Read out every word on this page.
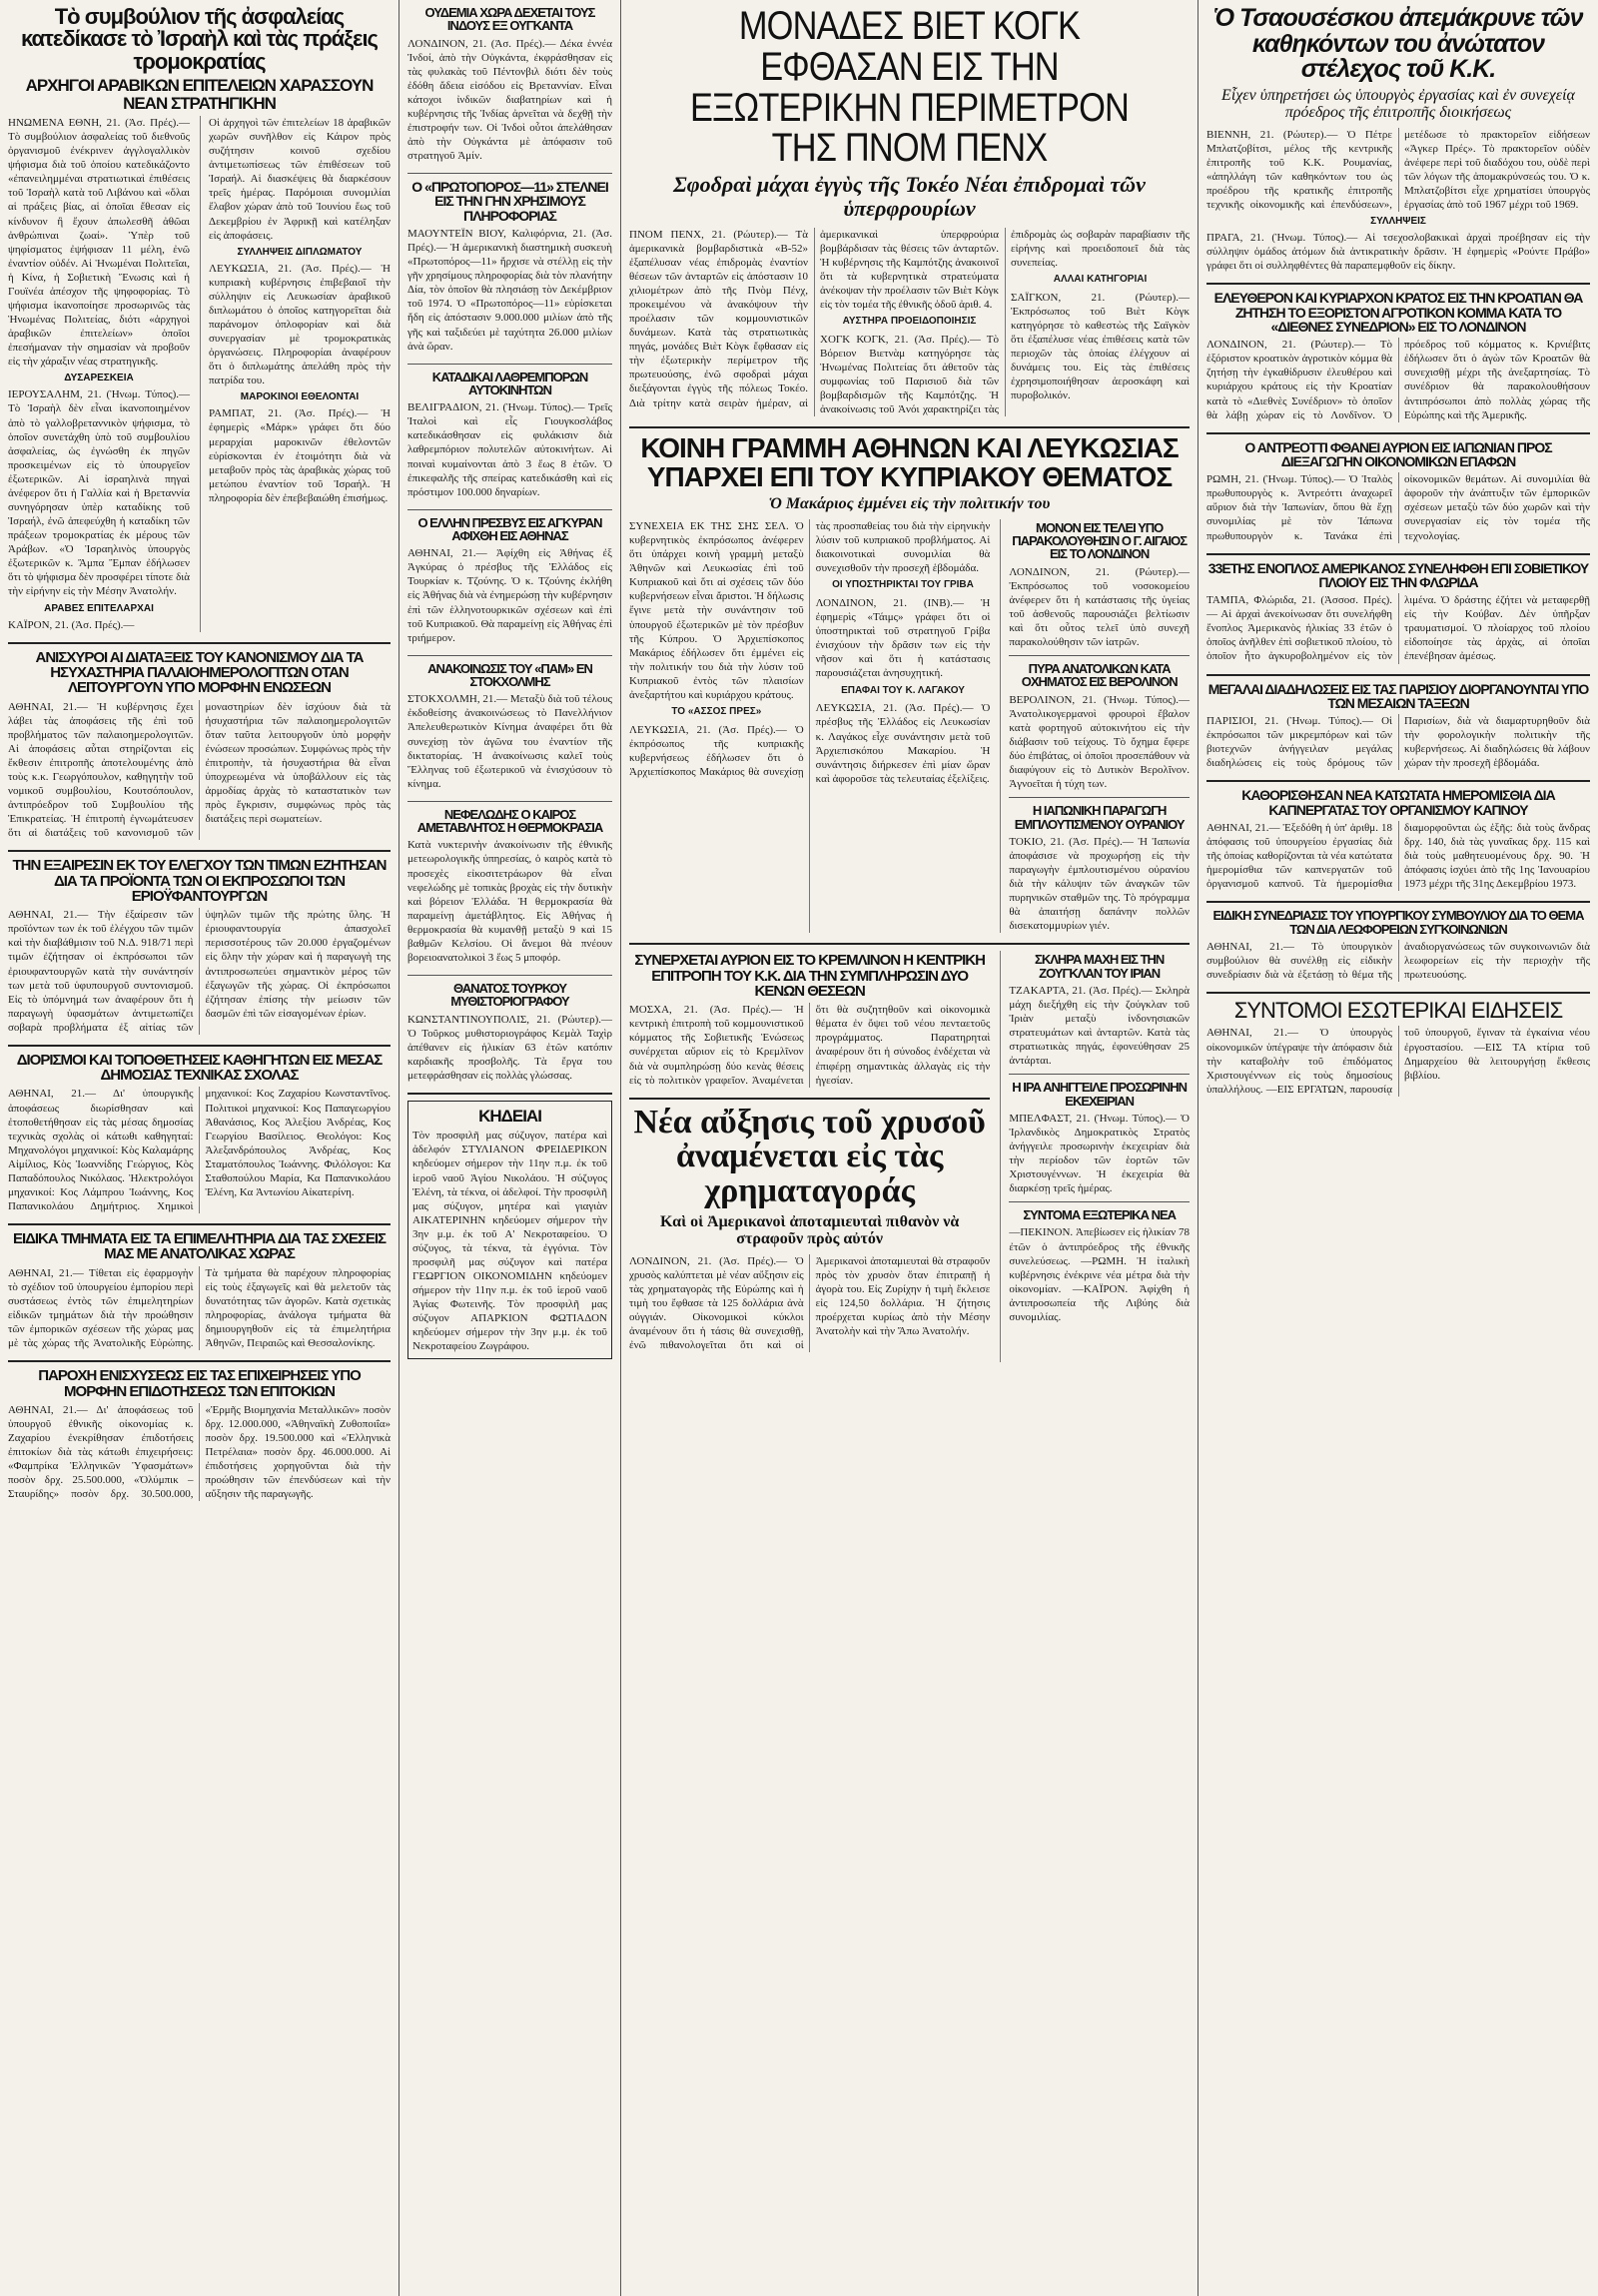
Τὸ συμβούλιον τῆς ἀσφαλείας κατεδίκασε τὸ Ἰσραὴλ καὶ τὰς πράξεις τρομοκρατίας
ΑΡΧΗΓΟΙ ΑΡΑΒΙΚΩΝ ΕΠΙΤΕΛΕΙΩΝ ΧΑΡΑΣΣΟΥΝ ΝΕΑΝ ΣΤΡΑΤΗΓΙΚΗΝ

ΗΝΩΜΕΝΑ ΕΘΝΗ, 21. (Ἀσ. Πρές).— Τὸ συμβούλιον ἀσφαλείας τοῦ διεθνοῦς ὀργανισμοῦ ἐνέκρινεν ἀγγλογαλλικὸν ψήφισμα διὰ τοῦ ὁποίου κατεδικάζοντο «ἐπανειλημμέναι στρατιωτικαὶ ἐπιθέσεις τοῦ Ἰσραὴλ κατὰ τοῦ Λιβάνου καὶ «ὅλαι αἱ πράξεις βίας, αἱ ὁποῖαι ἔθεσαν εἰς κίνδυνον ἢ ἔχουν ἀπωλεσθῆ ἀθῶαι ἀνθρώπιναι ζωαί». Ὑπὲρ τοῦ ψηφίσματος ἐψήφισαν 11 μέλη, ἐνῶ ἐναντίον οὐδέν. Αἱ Ἡνωμέναι Πολιτεῖαι, ἡ Κίνα, ἡ Σοβιετικὴ Ἕνωσις καὶ ἡ Γουϊνέα ἀπέσχον τῆς ψηφοφορίας. Τὸ ψήφισμα ἱκανοποίησε προσωρινῶς τὰς Ἡνωμένας Πολιτείας, διότι «ἀρχηγοὶ ἀραβικῶν ἐπιτελείων» ὁποῖοι ἐπεσήμαναν τὴν σημασίαν νὰ προβοῦν εἰς τὴν χάραξιν νέας στρατηγικῆς.

ΔΥΣΑΡΕΣΚΕΙΑ

ΙΕΡΟΥΣΑΛΗΜ, 21. (Ἡνωμ. Τύπος).— Τὸ Ἰσραὴλ δὲν εἶναι ἱκανοποιημένον ἀπὸ τὸ γαλλοβρεταννικὸν ψήφισμα, τὸ ὁποῖον συνετάχθη ὑπὸ τοῦ συμβουλίου ἀσφαλείας, ὡς ἐγνώσθη ἐκ πηγῶν προσκειμένων εἰς τὸ ὑπουργεῖον ἐξωτερικῶν. Αἱ ἰσραηλινὰ πηγαὶ ἀνέφερον ὅτι ἡ Γαλλία καὶ ἡ Βρεταννία συνηγόρησαν ὑπὲρ καταδίκης τοῦ Ἰσραήλ, ἐνῶ ἀπεφεύχθη ἡ καταδίκη τῶν πράξεων τρομοκρατίας ἐκ μέρους τῶν Ἀράβων. «Ὁ Ἰσραηλινὸς ὑπουργὸς ἐξωτερικῶν κ. Ἄμπα Ἔμπαν ἐδήλωσεν ὅτι τὸ ψήφισμα δὲν προσφέρει τίποτε διὰ τὴν εἰρήνην εἰς τὴν Μέσην Ἀνατολήν.

ΑΡΑΒΕΣ ΕΠΙΤΕΛΑΡΧΑΙ
ΚΑΪΡΟΝ, 21. (Ἀσ. Πρές).—

Οἱ ἀρχηγοὶ τῶν ἐπιτελείων 18 ἀραβικῶν χωρῶν συνῆλθον εἰς Κάιρον πρὸς συζήτησιν κοινοῦ σχεδίου ἀντιμετωπίσεως τῶν ἐπιθέσεων τοῦ Ἰσραήλ. Αἱ διασκέψεις θὰ διαρκέσουν τρεῖς ἡμέρας. Παρόμοιαι συνομιλίαι ἔλαβον χώραν ἀπὸ τοῦ Ἰουνίου ἕως τοῦ Δεκεμβρίου ἐν Ἀφρικῇ καὶ κατέληξαν εἰς ἀποφάσεις.

ΣΥΛΛΗΨΕΙΣ ΔΙΠΛΩΜΑΤΟΥ

ΛΕΥΚΩΣΙΑ, 21. (Ἀσ. Πρές).— Ἡ κυπριακὴ κυβέρνησις ἐπιβεβαιοῖ τὴν σύλληψιν εἰς Λευκωσίαν ἀραβικοῦ διπλωμάτου ὁ ὁποῖος κατηγορεῖται διὰ παράνομον ὁπλοφορίαν καὶ διὰ συνεργασίαν μὲ τρομοκρατικὰς ὀργανώσεις. Πληροφορίαι ἀναφέρουν ὅτι ὁ διπλωμάτης ἀπελάθη πρὸς τὴν πατρίδα του.

ΜΑΡΟΚΙΝΟΙ ΕΘΕΛΟΝΤΑΙ

ΡΑΜΠΑΤ, 21. (Ἀσ. Πρές).— Ἡ ἐφημερὶς «Μάρκ» γράφει ὅτι δύο μεραρχίαι μαροκινῶν ἐθελοντῶν εὑρίσκονται ἐν ἑτοιμότητι διὰ νὰ μεταβοῦν πρὸς τὰς ἀραβικὰς χώρας τοῦ μετώπου ἐναντίον τοῦ Ἰσραήλ. Ἡ πληροφορία δὲν ἐπεβεβαιώθη ἐπισήμως.

ΑΝΙΣΧΥΡΟΙ ΑΙ ΔΙΑΤΑΞΕΙΣ ΤΟΥ ΚΑΝΟΝΙΣΜΟΥ ΔΙΑ ΤΑ ΗΣΥΧΑΣΤΗΡΙΑ ΠΑΛΑΙΟΗΜΕΡΟΛΟΓΙΤΩΝ ΟΤΑΝ ΛΕΙΤΟΥΡΓΟΥΝ ΥΠΟ ΜΟΡΦΗΝ ΕΝΩΣΕΩΝ

ΑΘΗΝΑΙ, 21.— Ἡ κυβέρνησις ἔχει λάβει τὰς ἀποφάσεις τῆς ἐπὶ τοῦ προβλήματος τῶν παλαιοημερολογιτῶν. Αἱ ἀποφάσεις αὗται στηρίζονται εἰς ἔκθεσιν ἐπιτροπῆς ἀποτελουμένης ἀπὸ τοὺς κ.κ. Γεωργόπουλον, καθηγητὴν τοῦ νομικοῦ συμβουλίου, Κουτσόπουλον, ἀντιπρόεδρον τοῦ Συμβουλίου τῆς Ἐπικρατείας. Ἡ ἐπιτροπὴ ἐγνωμάτευσεν ὅτι αἱ διατάξεις τοῦ κανονισμοῦ τῶν μοναστηρίων δὲν ἰσχύουν διὰ τὰ ἡσυχαστήρια τῶν παλαιοημερολογιτῶν ὅταν ταῦτα λειτουργοῦν ὑπὸ μορφὴν ἐνώσεων προσώπων. Συμφώνως πρὸς τὴν ἐπιτροπὴν, τὰ ἡσυχαστήρια θὰ εἶναι ὑποχρεωμένα νὰ ὑποβάλλουν εἰς τὰς ἀρμοδίας ἀρχὰς τὸ καταστατικὸν των πρὸς ἔγκρισιν, συμφώνως πρὸς τὰς διατάξεις περὶ σωματείων.

ΤΗΝ ΕΞΑΙΡΕΣΙΝ ΕΚ ΤΟΥ ΕΛΕΓΧΟΥ ΤΩΝ ΤΙΜΩΝ ΕΖΗΤΗΣΑΝ ΔΙΑ ΤΑ ΠΡΟΪΟΝΤΑ ΤΩΝ ΟΙ ΕΚΠΡΟΣΩΠΟΙ ΤΩΝ ΕΡΙΟΫΦΑΝΤΟΥΡΓΩΝ

ΑΘΗΝΑΙ, 21.— Τὴν ἐξαίρεσιν τῶν προϊόντων των ἐκ τοῦ ἐλέγχου τῶν τιμῶν καὶ τὴν διαβάθμισιν τοῦ Ν.Δ. 918/71 περὶ τιμῶν ἐζήτησαν οἱ ἐκπρόσωποι τῶν ἐριουφαντουργῶν κατὰ τὴν συνάντησίν των μετὰ τοῦ ὑφυπουργοῦ συντονισμοῦ. Εἰς τὸ ὑπόμνημά των ἀναφέρουν ὅτι ἡ παραγωγὴ ὑφασμάτων ἀντιμετωπίζει σοβαρὰ προβλήματα ἐξ αἰτίας τῶν ὑψηλῶν τιμῶν τῆς πρώτης ὕλης. Ἡ ἐριουφαντουργία ἀπασχολεῖ περισσοτέρους τῶν 20.000 ἐργαζομένων εἰς ὅλην τὴν χώραν καὶ ἡ παραγωγὴ της ἀντιπροσωπεύει σημαντικὸν μέρος τῶν ἐξαγωγῶν τῆς χώρας. Οἱ ἐκπρόσωποι ἐζήτησαν ἐπίσης τὴν μείωσιν τῶν δασμῶν ἐπὶ τῶν εἰσαγομένων ἐρίων.

ΔΙΟΡΙΣΜΟΙ ΚΑΙ ΤΟΠΟΘΕΤΗΣΕΙΣ ΚΑΘΗΓΗΤΩΝ ΕΙΣ ΜΕΣΑΣ ΔΗΜΟΣΙΑΣ ΤΕΧΝΙΚΑΣ ΣΧΟΛΑΣ

ΑΘΗΝΑΙ, 21.— Δι' ὑπουργικῆς ἀποφάσεως διωρίσθησαν καὶ ἐτοποθετήθησαν εἰς τὰς μέσας δημοσίας τεχνικὰς σχολὰς οἱ κάτωθι καθηγηταί: Μηχανολόγοι μηχανικοί: Κὸς Καλαμάρης Αἰμίλιος, Κὸς Ἰωαννίδης Γεώργιος, Κὸς Παπαδόπουλος Νικόλαος. Ἠλεκτρολόγοι μηχανικοί: Κος Λάμπρου Ἰωάννης, Κος Παπανικολάου Δημήτριος. Χημικοὶ μηχανικοί: Κος Ζαχαρίου Κωνσταντῖνος. Πολιτικοὶ μηχανικοί: Κος Παπαγεωργίου Ἀθανάσιος, Κος Ἀλεξίου Ἀνδρέας, Κος Γεωργίου Βασίλειος. Θεολόγοι: Κος Ἀλεξανδρόπουλος Ἀνδρέας, Κος Σταματόπουλος Ἰωάννης. Φιλόλογοι: Κα Σταθοπούλου Μαρία, Κα Παπανικολάου Ἑλένη, Κα Ἀντωνίου Αἰκατερίνη.

ΕΙΔΙΚΑ ΤΜΗΜΑΤΑ ΕΙΣ ΤΑ ΕΠΙΜΕΛΗΤΗΡΙΑ ΔΙΑ ΤΑΣ ΣΧΕΣΕΙΣ ΜΑΣ ΜΕ ΑΝΑΤΟΛΙΚΑΣ ΧΩΡΑΣ

ΑΘΗΝΑΙ, 21.— Τίθεται εἰς ἐφαρμογὴν τὸ σχέδιον τοῦ ὑπουργείου ἐμπορίου περὶ συστάσεως ἐντὸς τῶν ἐπιμελητηρίων εἰδικῶν τμημάτων διὰ τὴν προώθησιν τῶν ἐμπορικῶν σχέσεων τῆς χώρας μας μὲ τὰς χώρας τῆς Ἀνατολικῆς Εὐρώπης. Τὰ τμήματα θὰ παρέχουν πληροφορίας εἰς τοὺς ἐξαγωγεῖς καὶ θὰ μελετοῦν τὰς δυνατότητας τῶν ἀγορῶν. Κατὰ σχετικὰς πληροφορίας, ἀνάλογα τμήματα θὰ δημιουργηθοῦν εἰς τὰ ἐπιμελητήρια Ἀθηνῶν, Πειραιῶς καὶ Θεσσαλονίκης.

ΠΑΡΟΧΗ ΕΝΙΣΧΥΣΕΩΣ ΕΙΣ ΤΑΣ ΕΠΙΧΕΙΡΗΣΕΙΣ ΥΠΟ ΜΟΡΦΗΝ ΕΠΙΔΟΤΗΣΕΩΣ ΤΩΝ ΕΠΙΤΟΚΙΩΝ

ΑΘΗΝΑΙ, 21.— Δι' ἀποφάσεως τοῦ ὑπουργοῦ ἐθνικῆς οἰκονομίας κ. Ζαχαρίου ἐνεκρίθησαν ἐπιδοτήσεις ἐπιτοκίων διὰ τὰς κάτωθι ἐπιχειρήσεις: «Φαμπρίκα Ἑλληνικῶν Ὑφασμάτων» ποσὸν δρχ. 25.500.000, «Ὀλύμπικ – Σταυρίδης» ποσὸν δρχ. 30.500.000, «Ἑρμῆς Βιομηχανία Μεταλλικῶν» ποσὸν δρχ. 12.000.000, «Ἀθηναϊκὴ Ζυθοποιΐα» ποσὸν δρχ. 19.500.000 καὶ «Ἐλληνικὰ Πετρέλαια» ποσὸν δρχ. 46.000.000. Αἱ ἐπιδοτήσεις χορηγοῦνται διὰ τὴν προώθησιν τῶν ἐπενδύσεων καὶ τὴν αὔξησιν τῆς παραγωγῆς.

ΟΥΔΕΜΙΑ ΧΩΡΑ ΔΕΧΕΤΑΙ ΤΟΥΣ ΙΝΔΟΥΣ ΕΞ ΟΥΓΚΑΝΤΑ

ΛΟΝΔΙΝΟΝ, 21. (Ἀσ. Πρές).— Δέκα ἐννέα Ἰνδοί, ἀπὸ τὴν Οὐγκάντα, ἐκφράσθησαν εἰς τὰς φυλακὰς τοῦ Πέντονβιλ διότι δὲν τοὺς ἐδόθη ἄδεια εἰσόδου εἰς Βρεταννίαν. Εἶναι κάτοχοι ἰνδικῶν διαβατηρίων καὶ ἡ κυβέρνησις τῆς Ἰνδίας ἀρνεῖται νὰ δεχθῇ τὴν ἐπιστροφήν των. Οἱ Ἰνδοὶ οὗτοι ἀπελάθησαν ἀπὸ τὴν Οὐγκάντα μὲ ἀπόφασιν τοῦ στρατηγοῦ Ἀμίν.

Ο «ΠΡΩΤΟΠΟΡΟΣ—11» ΣΤΕΛΝΕΙ ΕΙΣ ΤΗΝ ΓΗΝ ΧΡΗΣΙΜΟΥΣ ΠΛΗΡΟΦΟΡΙΑΣ

ΜΑΟΥΝΤΕΪΝ ΒΙΟΥ, Καλιφόρνια, 21. (Ἀσ. Πρές).— Ἡ ἀμερικανικὴ διαστημικὴ συσκευὴ «Πρωτοπόρος—11» ἤρχισε νὰ στέλλῃ εἰς τὴν γῆν χρησίμους πληροφορίας διὰ τὸν πλανήτην Δία, τὸν ὁποῖον θὰ πλησιάσῃ τὸν Δεκέμβριον τοῦ 1974. Ὁ «Πρωτοπόρος—11» εὑρίσκεται ἤδη εἰς ἀπόστασιν 9.000.000 μιλίων ἀπὸ τῆς γῆς καὶ ταξιδεύει μὲ ταχύτητα 26.000 μιλίων ἀνὰ ὥραν.

ΚΑΤΑΔΙΚΑΙ ΛΑΘΡΕΜΠΟΡΩΝ ΑΥΤΟΚΙΝΗΤΩΝ

ΒΕΛΙΓΡΑΔΙΟΝ, 21. (Ἡνωμ. Τύπος).— Τρεῖς Ἰταλοὶ καὶ εἷς Γιουγκοσλάβος κατεδικάσθησαν εἰς φυλάκισιν διὰ λαθρεμπόριον πολυτελῶν αὐτοκινήτων. Αἱ ποιναὶ κυμαίνονται ἀπὸ 3 ἕως 8 ἐτῶν. Ὁ ἐπικεφαλῆς τῆς σπείρας κατεδικάσθη καὶ εἰς πρόστιμον 100.000 δηναρίων.

Ο ΕΛΛΗΝ ΠΡΕΣΒΥΣ ΕΙΣ ΑΓΚΥΡΑΝ ΑΦΙΧΘΗ ΕΙΣ ΑΘΗΝΑΣ

ΑΘΗΝΑΙ, 21.— Ἀφίχθη εἰς Ἀθήνας ἐξ Ἀγκύρας ὁ πρέσβυς τῆς Ἑλλάδος εἰς Τουρκίαν κ. Τζούνης. Ὁ κ. Τζούνης ἐκλήθη εἰς Ἀθήνας διὰ νὰ ἐνημερώσῃ τὴν κυβέρνησιν ἐπὶ τῶν ἑλληνοτουρκικῶν σχέσεων καὶ ἐπὶ τοῦ Κυπριακοῦ. Θὰ παραμείνῃ εἰς Ἀθήνας ἐπὶ τριήμερον.

ΑΝΑΚΟΙΝΩΣΙΣ ΤΟΥ «ΠΑΜ» ΕΝ ΣΤΟΚΧΟΛΜΗΣ

ΣΤΟΚΧΟΛΜΗ, 21.— Μεταξὺ διὰ τοῦ τέλους ἐκδοθείσης ἀνακοινώσεως τὸ Πανελλήνιον Ἀπελευθερωτικὸν Κίνημα ἀναφέρει ὅτι θὰ συνεχίσῃ τὸν ἀγῶνα του ἐναντίον τῆς δικτατορίας. Ἡ ἀνακοίνωσις καλεῖ τοὺς Ἕλληνας τοῦ ἐξωτερικοῦ νὰ ἐνισχύσουν τὸ κίνημα.

ΝΕΦΕΛΩΔΗΣ Ο ΚΑΙΡΟΣ ΑΜΕΤΑΒΛΗΤΟΣ Η ΘΕΡΜΟΚΡΑΣΙΑ

Κατὰ νυκτερινὴν ἀνακοίνωσιν τῆς ἐθνικῆς μετεωρολογικῆς ὑπηρεσίας, ὁ καιρὸς κατὰ τὸ προσεχὲς εἰκοσιτετράωρον θὰ εἶναι νεφελώδης μὲ τοπικὰς βροχὰς εἰς τὴν δυτικὴν καὶ βόρειον Ἑλλάδα. Ἡ θερμοκρασία θὰ παραμείνῃ ἀμετάβλητος. Εἰς Ἀθήνας ἡ θερμοκρασία θὰ κυμανθῇ μεταξὺ 9 καὶ 15 βαθμῶν Κελσίου. Οἱ ἄνεμοι θὰ πνέουν βορειοανατολικοὶ 3 ἕως 5 μποφόρ.

ΘΑΝΑΤΟΣ ΤΟΥΡΚΟΥ ΜΥΘΙΣΤΟΡΙΟΓΡΑΦΟΥ

ΚΩΝΣΤΑΝΤΙΝΟΥΠΟΛΙΣ, 21. (Ρώυτερ).— Ὁ Τοῦρκος μυθιστοριογράφος Κεμὰλ Ταχὶρ ἀπέθανεν εἰς ἡλικίαν 63 ἐτῶν κατόπιν καρδιακῆς προσβολῆς. Τὰ ἔργα του μετεφράσθησαν εἰς πολλὰς γλώσσας.

ΚΗΔΕΙΑΙ

Τὸν προσφιλῆ μας σύζυγον, πατέρα καὶ ἀδελφόν ΣΤΥΛΙΑΝΟΝ ΦΡΕΙΔΕΡΙΚΟΝ κηδεύομεν σήμερον τὴν 11ην π.μ. ἐκ τοῦ ἱεροῦ ναοῦ Ἁγίου Νικολάου. Ἡ σύζυγος Ἑλένη, τὰ τέκνα, οἱ ἀδελφοί. Τὴν προσφιλῆ μας σύζυγον, μητέρα καὶ γιαγιὰν ΑΙΚΑΤΕΡΙΝΗΝ κηδεύομεν σήμερον τὴν 3ην μ.μ. ἐκ τοῦ Α' Νεκροταφείου. Ὁ σύζυγος, τὰ τέκνα, τὰ ἐγγόνια. Τὸν προσφιλῆ μας σύζυγον καὶ πατέρα ΓΕΩΡΓΙΟΝ ΟΙΚΟΝΟΜΙΔΗΝ κηδεύομεν σήμερον τὴν 11ην π.μ. ἐκ τοῦ ἱεροῦ ναοῦ Ἁγίας Φωτεινῆς. Τὸν προσφιλῆ μας σύζυγον ΑΠΑΡΚΙΟΝ ΦΩΤΙΑΔΟΝ κηδεύομεν σήμερον τὴν 3ην μ.μ. ἐκ τοῦ Νεκροταφείου Ζωγράφου.

ΜΟΝΑΔΕΣ ΒΙΕΤ ΚΟΓΚ ΕΦΘΑΣΑΝ ΕΙΣ ΤΗΝ ΕΞΩΤΕΡΙΚΗΝ ΠΕΡΙΜΕΤΡΟΝ ΤΗΣ ΠΝΟΜ ΠΕΝΧ
Σφοδραὶ μάχαι ἐγγὺς τῆς Τοκέο Νέαι ἐπιδρομαὶ τῶν ὑπερφρουρίων
ΠΝΟΜ ΠΕΝΧ, 21. (Ρώυτερ).— Τὰ ἀμερικανικὰ βομβαρδιστικὰ «Β-52» ἐξαπέλυσαν νέας ἐπιδρομὰς ἐναντίον θέσεων τῶν ἀνταρτῶν εἰς ἀπόστασιν 10 χιλιομέτρων ἀπὸ τῆς Πνὸμ Πένχ, προκειμένου νὰ ἀνακόψουν τὴν προέλασιν τῶν κομμουνιστικῶν δυνάμεων. Κατὰ τὰς στρατιωτικὰς πηγάς, μονάδες Βιὲτ Κὸγκ ἔφθασαν εἰς τὴν ἐξωτερικὴν περίμετρον τῆς πρωτευούσης, ἐνῶ σφοδραὶ μάχαι διεξάγονται ἐγγὺς τῆς πόλεως Τοκέο. Διὰ τρίτην κατὰ σειρὰν ἡμέραν, αἱ ἀμερικανικαὶ ὑπερφρούρια βομβάρδισαν τὰς θέσεις τῶν ἀνταρτῶν. Ἡ κυβέρνησις τῆς Καμπότζης ἀνακοινοῖ ὅτι τὰ κυβερνητικὰ στρατεύματα ἀνέκοψαν τὴν προέλασιν τῶν Βιὲτ Κὸγκ εἰς τὸν τομέα τῆς ἐθνικῆς ὁδοῦ ἀριθ. 4.
ΑΥΣΤΗΡΑ ΠΡΟΕΙΔΟΠΟΙΗΣΙΣ
ΧΟΓΚ ΚΟΓΚ, 21. (Ἀσ. Πρές).— Τὸ Βόρειον Βιετνὰμ κατηγόρησε τὰς Ἡνωμένας Πολιτείας ὅτι ἀθετοῦν τὰς συμφωνίας τοῦ Παρισιοῦ διὰ τῶν βομβαρδισμῶν τῆς Καμπότζης. Ἡ ἀνακοίνωσις τοῦ Ἀνόι χαρακτηρίζει τὰς ἐπιδρομὰς ὡς σοβαρὰν παραβίασιν τῆς εἰρήνης καὶ προειδοποιεῖ διὰ τὰς συνεπείας.
ΑΛΛΑΙ ΚΑΤΗΓΟΡΙΑΙ
ΣΑΪΓΚΟΝ, 21. (Ρώυτερ).— Ἐκπρόσωπος τοῦ Βιὲτ Κὸγκ κατηγόρησε τὸ καθεστὼς τῆς Σαϊγκὸν ὅτι ἐξαπέλυσε νέας ἐπιθέσεις κατὰ τῶν περιοχῶν τὰς ὁποίας ἐλέγχουν αἱ δυνάμεις του. Εἰς τὰς ἐπιθέσεις ἐχρησιμοποιήθησαν ἀεροσκάφη καὶ πυροβολικόν.
ΚΟΙΝΗ ΓΡΑΜΜΗ ΑΘΗΝΩΝ ΚΑΙ ΛΕΥΚΩΣΙΑΣ ΥΠΑΡΧΕΙ ΕΠΙ ΤΟΥ ΚΥΠΡΙΑΚΟΥ ΘΕΜΑΤΟΣ
Ὁ Μακάριος ἐμμένει εἰς τὴν πολιτικήν του
ΣΥΝΕΧΕΙΑ ΕΚ ΤΗΣ ΣΗΣ ΣΕΛ. Ὁ κυβερνητικὸς ἐκπρόσωπος ἀνέφερεν ὅτι ὑπάρχει κοινὴ γραμμὴ μεταξὺ Ἀθηνῶν καὶ Λευκωσίας ἐπὶ τοῦ Κυπριακοῦ καὶ ὅτι αἱ σχέσεις τῶν δύο κυβερνήσεων εἶναι ἄριστοι. Ἡ δήλωσις ἔγινε μετὰ τὴν συνάντησιν τοῦ ὑπουργοῦ ἐξωτερικῶν μὲ τὸν πρέσβυν τῆς Κύπρου. Ὁ Ἀρχιεπίσκοπος Μακάριος ἐδήλωσεν ὅτι ἐμμένει εἰς τὴν πολιτικήν του διὰ τὴν λύσιν τοῦ Κυπριακοῦ ἐντὸς τῶν πλαισίων ἀνεξαρτήτου καὶ κυριάρχου κράτους.
ΤΟ «ΑΣΣΟΣ ΠΡΕΣ»
ΛΕΥΚΩΣΙΑ, 21. (Ἀσ. Πρές).— Ὁ ἐκπρόσωπος τῆς κυπριακῆς κυβερνήσεως ἐδήλωσεν ὅτι ὁ Ἀρχιεπίσκοπος Μακάριος θὰ συνεχίσῃ τὰς προσπαθείας του διὰ τὴν εἰρηνικὴν λύσιν τοῦ κυπριακοῦ προβλήματος. Αἱ διακοινοτικαὶ συνομιλίαι θὰ συνεχισθοῦν τὴν προσεχῆ ἑβδομάδα.
ΟΙ ΥΠΟΣΤΗΡΙΚΤΑΙ ΤΟΥ ΓΡΙΒΑ
ΛΟΝΔΙΝΟΝ, 21. (ΙΝΒ).— Ἡ ἐφημερὶς «Τάιμς» γράφει ὅτι οἱ ὑποστηρικταὶ τοῦ στρατηγοῦ Γρίβα ἐνισχύουν τὴν δρᾶσιν των εἰς τὴν νῆσον καὶ ὅτι ἡ κατάστασις παρουσιάζεται ἀνησυχητική.
ΕΠΑΦΑΙ ΤΟΥ Κ. ΛΑΓΑΚΟΥ
ΛΕΥΚΩΣΙΑ, 21. (Ἀσ. Πρές).— Ὁ πρέσβυς τῆς Ἑλλάδος εἰς Λευκωσίαν κ. Λαγάκος εἶχε συνάντησιν μετὰ τοῦ Ἀρχιεπισκόπου Μακαρίου. Ἡ συνάντησις διήρκεσεν ἐπὶ μίαν ὥραν καὶ ἀφοροῦσε τὰς τελευταίας ἐξελίξεις.
ΜΟΝΟΝ ΕΙΣ ΤΕΛΕΙ ΥΠΟ ΠΑΡΑΚΟΛΟΥΘΗΣΙΝ Ο Γ. ΑΙΓΑΙΟΣ ΕΙΣ ΤΟ ΛΟΝΔΙΝΟΝ

ΛΟΝΔΙΝΟΝ, 21. (Ρώυτερ).— Ἐκπρόσωπος τοῦ νοσοκομείου ἀνέφερεν ὅτι ἡ κατάστασις τῆς ὑγείας τοῦ ἀσθενοῦς παρουσιάζει βελτίωσιν καὶ ὅτι οὗτος τελεῖ ὑπὸ συνεχῆ παρακολούθησιν τῶν ἰατρῶν.

ΠΥΡΑ ΑΝΑΤΟΛΙΚΩΝ ΚΑΤΑ ΟΧΗΜΑΤΟΣ ΕΙΣ ΒΕΡΟΛΙΝΟΝ

ΒΕΡΟΛΙΝΟΝ, 21. (Ἡνωμ. Τύπος).— Ἀνατολικογερμανοὶ φρουροὶ ἔβαλον κατὰ φορτηγοῦ αὐτοκινήτου εἰς τὴν διάβασιν τοῦ τείχους. Τὸ ὄχημα ἔφερε δύο ἐπιβάτας, οἱ ὁποῖοι προσεπάθουν νὰ διαφύγουν εἰς τὸ Δυτικὸν Βερολῖνον. Ἀγνοεῖται ἡ τύχη των.

Η ΙΑΠΩΝΙΚΗ ΠΑΡΑΓΩΓΗ ΕΜΠΛΟΥΤΙΣΜΕΝΟΥ ΟΥΡΑΝΙΟΥ

ΤΟΚΙΟ, 21. (Ἀσ. Πρές).— Ἡ Ἰαπωνία ἀποφάσισε νὰ προχωρήσῃ εἰς τὴν παραγωγὴν ἐμπλουτισμένου οὐρανίου διὰ τὴν κάλυψιν τῶν ἀναγκῶν τῶν πυρηνικῶν σταθμῶν της. Τὸ πρόγραμμα θὰ ἀπαιτήσῃ δαπάνην πολλῶν δισεκατομμυρίων γιέν.

ΣΥΝΕΡΧΕΤΑΙ ΑΥΡΙΟΝ ΕΙΣ ΤΟ ΚΡΕΜΛΙΝΟΝ Η ΚΕΝΤΡΙΚΗ ΕΠΙΤΡΟΠΗ ΤΟΥ Κ.Κ. ΔΙΑ ΤΗΝ ΣΥΜΠΛΗΡΩΣΙΝ ΔΥΟ ΚΕΝΩΝ ΘΕΣΕΩΝ

ΜΟΣΧΑ, 21. (Ἀσ. Πρές).— Ἡ κεντρικὴ ἐπιτροπὴ τοῦ κομμουνιστικοῦ κόμματος τῆς Σοβιετικῆς Ἑνώσεως συνέρχεται αὔριον εἰς τὸ Κρεμλῖνον διὰ νὰ συμπληρώσῃ δύο κενὰς θέσεις εἰς τὸ πολιτικὸν γραφεῖον. Ἀναμένεται ὅτι θὰ συζητηθοῦν καὶ οἰκονομικὰ θέματα ἐν ὄψει τοῦ νέου πενταετοῦς προγράμματος. Παρατηρηταὶ ἀναφέρουν ὅτι ἡ σύνοδος ἐνδέχεται νὰ ἐπιφέρῃ σημαντικὰς ἀλλαγὰς εἰς τὴν ἡγεσίαν.

Νέα αὔξησις τοῦ χρυσοῦ ἀναμένεται εἰς τὰς χρηματαγοράς
Καὶ οἱ Ἀμερικανοὶ ἀποταμιευταὶ πιθανὸν νὰ στραφοῦν πρὸς αὐτόν

ΛΟΝΔΙΝΟΝ, 21. (Ἀσ. Πρές).— Ὁ χρυσὸς καλύπτεται μὲ νέαν αὔξησιν εἰς τὰς χρηματαγορὰς τῆς Εὐρώπης καὶ ἡ τιμὴ του ἔφθασε τὰ 125 δολλάρια ἀνὰ οὐγγιάν. Οἰκονομικοὶ κύκλοι ἀναμένουν ὅτι ἡ τάσις θὰ συνεχισθῇ, ἐνῶ πιθανολογεῖται ὅτι καὶ οἱ Ἀμερικανοὶ ἀποταμιευταὶ θὰ στραφοῦν πρὸς τὸν χρυσὸν ὅταν ἐπιτραπῇ ἡ ἀγορὰ του. Εἰς Ζυρίχην ἡ τιμὴ ἔκλεισε εἰς 124,50 δολλάρια. Ἡ ζήτησις προέρχεται κυρίως ἀπὸ τὴν Μέσην Ἀνατολὴν καὶ τὴν Ἄπω Ἀνατολήν.

ΣΚΛΗΡΑ ΜΑΧΗ ΕΙΣ ΤΗΝ ΖΟΥΓΚΛΑΝ ΤΟΥ ΙΡΙΑΝ

ΤΖΑΚΑΡΤΑ, 21. (Ἀσ. Πρές).— Σκληρὰ μάχη διεξήχθη εἰς τὴν ζούγκλαν τοῦ Ἰριὰν μεταξὺ ἰνδονησιακῶν στρατευμάτων καὶ ἀνταρτῶν. Κατὰ τὰς στρατιωτικὰς πηγάς, ἐφονεύθησαν 25 ἀντάρται.

Η ΙΡΑ ΑΝΗΓΓΕΙΛΕ ΠΡΟΣΩΡΙΝΗΝ ΕΚΕΧΕΙΡΙΑΝ

ΜΠΕΛΦΑΣΤ, 21. (Ἡνωμ. Τύπος).— Ὁ Ἰρλανδικὸς Δημοκρατικὸς Στρατὸς ἀνήγγειλε προσωρινὴν ἐκεχειρίαν διὰ τὴν περίοδον τῶν ἑορτῶν τῶν Χριστουγέννων. Ἡ ἐκεχειρία θὰ διαρκέσῃ τρεῖς ἡμέρας.

ΣΥΝΤΟΜΑ ΕΞΩΤΕΡΙΚΑ ΝΕΑ

—ΠΕΚΙΝΟΝ. Ἀπεβίωσεν εἰς ἡλικίαν 78 ἐτῶν ὁ ἀντιπρόεδρος τῆς ἐθνικῆς συνελεύσεως. —ΡΩΜΗ. Ἡ ἰταλικὴ κυβέρνησις ἐνέκρινε νέα μέτρα διὰ τὴν οἰκονομίαν. —ΚΑΪΡΟΝ. Ἀφίχθη ἡ ἀντιπροσωπεία τῆς Λιβύης διὰ συνομιλίας.

Ὁ Τσαουσέσκου ἀπεμάκρυνε τῶν καθηκόντων του ἀνώτατον στέλεχος τοῦ Κ.Κ.
Εἶχεν ὑπηρετήσει ὡς ὑπουργὸς ἐργασίας καὶ ἐν συνεχείᾳ πρόεδρος τῆς ἐπιτροπῆς διοικήσεως

ΒΙΕΝΝΗ, 21. (Ρώυτερ).— Ὁ Πέτρε Μπλατζοβίτσι, μέλος τῆς κεντρικῆς ἐπιτροπῆς τοῦ Κ.Κ. Ρουμανίας, «ἀπηλλάγη τῶν καθηκόντων του ὡς προέδρου τῆς κρατικῆς ἐπιτροπῆς τεχνικῆς οἰκονομικῆς καὶ ἐπενδύσεων», μετέδωσε τὸ πρακτορεῖον εἰδήσεων «Ἀγκερ Πρές». Τὸ πρακτορεῖον οὐδὲν ἀνέφερε περὶ τοῦ διαδόχου του, οὐδὲ περὶ τῶν λόγων τῆς ἀπομακρύνσεώς του. Ὁ κ. Μπλατζοβίτσι εἶχε χρηματίσει ὑπουργὸς ἐργασίας ἀπὸ τοῦ 1967 μέχρι τοῦ 1969.

ΣΥΛΛΗΨΕΙΣ

ΠΡΑΓΑ, 21. (Ἡνωμ. Τύπος).— Αἱ τσεχοσλοβακικαὶ ἀρχαὶ προέβησαν εἰς τὴν σύλληψιν ὁμάδος ἀτόμων διὰ ἀντικρατικὴν δρᾶσιν. Ἡ ἐφημερὶς «Ρούντε Πράβο» γράφει ὅτι οἱ συλληφθέντες θὰ παραπεμφθοῦν εἰς δίκην.

ΕΛΕΥΘΕΡΟΝ ΚΑΙ ΚΥΡΙΑΡΧΟΝ ΚΡΑΤΟΣ ΕΙΣ ΤΗΝ ΚΡΟΑΤΙΑΝ ΘΑ ΖΗΤΗΣΗ ΤΟ ΕΞΟΡΙΣΤΟΝ ΑΓΡΟΤΙΚΟΝ ΚΟΜΜΑ ΚΑΤΑ ΤΟ «ΔΙΕΘΝΕΣ ΣΥΝΕΔΡΙΟΝ» ΕΙΣ ΤΟ ΛΟΝΔΙΝΟΝ

ΛΟΝΔΙΝΟΝ, 21. (Ρώυτερ).— Τὸ ἐξόριστον κροατικὸν ἀγροτικὸν κόμμα θὰ ζητήσῃ τὴν ἐγκαθίδρυσιν ἐλευθέρου καὶ κυριάρχου κράτους εἰς τὴν Κροατίαν κατὰ τὸ «Διεθνὲς Συνέδριον» τὸ ὁποῖον θὰ λάβῃ χώραν εἰς τὸ Λονδῖνον. Ὁ πρόεδρος τοῦ κόμματος κ. Κρνιέβιτς ἐδήλωσεν ὅτι ὁ ἀγὼν τῶν Κροατῶν θὰ συνεχισθῇ μέχρι τῆς ἀνεξαρτησίας. Τὸ συνέδριον θὰ παρακολουθήσουν ἀντιπρόσωποι ἀπὸ πολλὰς χώρας τῆς Εὐρώπης καὶ τῆς Ἀμερικῆς.

Ο ΑΝΤΡΕΟΤΤΙ ΦΘΑΝΕΙ ΑΥΡΙΟΝ ΕΙΣ ΙΑΠΩΝΙΑΝ ΠΡΟΣ ΔΙΕΞΑΓΩΓΗΝ ΟΙΚΟΝΟΜΙΚΩΝ ΕΠΑΦΩΝ

ΡΩΜΗ, 21. (Ἡνωμ. Τύπος).— Ὁ Ἰταλὸς πρωθυπουργὸς κ. Ἀντρεόττι ἀναχωρεῖ αὔριον διὰ τὴν Ἰαπωνίαν, ὅπου θὰ ἔχῃ συνομιλίας μὲ τὸν Ἰάπωνα πρωθυπουργὸν κ. Τανάκα ἐπὶ οἰκονομικῶν θεμάτων. Αἱ συνομιλίαι θὰ ἀφοροῦν τὴν ἀνάπτυξιν τῶν ἐμπορικῶν σχέσεων μεταξὺ τῶν δύο χωρῶν καὶ τὴν συνεργασίαν εἰς τὸν τομέα τῆς τεχνολογίας.

33ΕΤΗΣ ΕΝΟΠΛΟΣ ΑΜΕΡΙΚΑΝΟΣ ΣΥΝΕΛΗΦΘΗ ΕΠΙ ΣΟΒΙΕΤΙΚΟΥ ΠΛΟΙΟΥ ΕΙΣ ΤΗΝ ΦΛΩΡΙΔΑ

ΤΑΜΠΑ, Φλώριδα, 21. (Ἀσσοσ. Πρές).— Αἱ ἀρχαὶ ἀνεκοίνωσαν ὅτι συνελήφθη ἔνοπλος Ἀμερικανὸς ἡλικίας 33 ἐτῶν ὁ ὁποῖος ἀνῆλθεν ἐπὶ σοβιετικοῦ πλοίου, τὸ ὁποῖον ἦτο ἀγκυροβολημένον εἰς τὸν λιμένα. Ὁ δράστης ἐζήτει νὰ μεταφερθῇ εἰς τὴν Κούβαν. Δὲν ὑπῆρξαν τραυματισμοί. Ὁ πλοίαρχος τοῦ πλοίου εἰδοποίησε τὰς ἀρχὰς, αἱ ὁποῖαι ἐπενέβησαν ἀμέσως.

ΜΕΓΑΛΑΙ ΔΙΑΔΗΛΩΣΕΙΣ ΕΙΣ ΤΑΣ ΠΑΡΙΣΙΟΥ ΔΙΟΡΓΑΝΟΥΝΤΑΙ ΥΠΟ ΤΩΝ ΜΕΣΑΙΩΝ ΤΑΞΕΩΝ

ΠΑΡΙΣΙΟΙ, 21. (Ἡνωμ. Τύπος).— Οἱ ἐκπρόσωποι τῶν μικρεμπόρων καὶ τῶν βιοτεχνῶν ἀνήγγειλαν μεγάλας διαδηλώσεις εἰς τοὺς δρόμους τῶν Παρισίων, διὰ νὰ διαμαρτυρηθοῦν διὰ τὴν φορολογικὴν πολιτικὴν τῆς κυβερνήσεως. Αἱ διαδηλώσεις θὰ λάβουν χώραν τὴν προσεχῆ ἑβδομάδα.

ΚΑΘΟΡΙΣΘΗΣΑΝ ΝΕΑ ΚΑΤΩΤΑΤΑ ΗΜΕΡΟΜΙΣΘΙΑ ΔΙΑ ΚΑΠΝΕΡΓΑΤΑΣ ΤΟΥ ΟΡΓΑΝΙΣΜΟΥ ΚΑΠΝΟΥ

ΑΘΗΝΑΙ, 21.— Ἐξεδόθη ἡ ὑπ' ἀριθμ. 18 ἀπόφασις τοῦ ὑπουργείου ἐργασίας διὰ τῆς ὁποίας καθορίζονται τὰ νέα κατώτατα ἡμερομίσθια τῶν καπνεργατῶν τοῦ ὀργανισμοῦ καπνοῦ. Τὰ ἡμερομίσθια διαμορφοῦνται ὡς ἑξῆς: διὰ τοὺς ἄνδρας δρχ. 140, διὰ τὰς γυναῖκας δρχ. 115 καὶ διὰ τοὺς μαθητευομένους δρχ. 90. Ἡ ἀπόφασις ἰσχύει ἀπὸ τῆς 1ης Ἰανουαρίου 1973 μέχρι τῆς 31ης Δεκεμβρίου 1973.

ΕΙΔΙΚΗ ΣΥΝΕΔΡΙΑΣΙΣ ΤΟΥ ΥΠΟΥΡΓΙΚΟΥ ΣΥΜΒΟΥΛΙΟΥ ΔΙΑ ΤΟ ΘΕΜΑ ΤΩΝ ΔΙΑ ΛΕΩΦΟΡΕΙΩΝ ΣΥΓΚΟΙΝΩΝΙΩΝ

ΑΘΗΝΑΙ, 21.— Τὸ ὑπουργικὸν συμβούλιον θὰ συνέλθῃ εἰς εἰδικὴν συνεδρίασιν διὰ νὰ ἐξετάσῃ τὸ θέμα τῆς ἀναδιοργανώσεως τῶν συγκοινωνιῶν διὰ λεωφορείων εἰς τὴν περιοχὴν τῆς πρωτευούσης.

ΣΥΝΤΟΜΟΙ ΕΣΩΤΕΡΙΚΑΙ ΕΙΔΗΣΕΙΣ

ΑΘΗΝΑΙ, 21.— Ὁ ὑπουργὸς οἰκονομικῶν ὑπέγραψε τὴν ἀπόφασιν διὰ τὴν καταβολὴν τοῦ ἐπιδόματος Χριστουγέννων εἰς τοὺς δημοσίους ὑπαλλήλους. —ΕΙΣ ΕΡΓΑΤΩΝ, παρουσίᾳ τοῦ ὑπουργοῦ, ἔγιναν τὰ ἐγκαίνια νέου ἐργοστασίου. —ΕΙΣ ΤΑ κτίρια τοῦ Δημαρχείου θὰ λειτουργήσῃ ἔκθεσις βιβλίου.
